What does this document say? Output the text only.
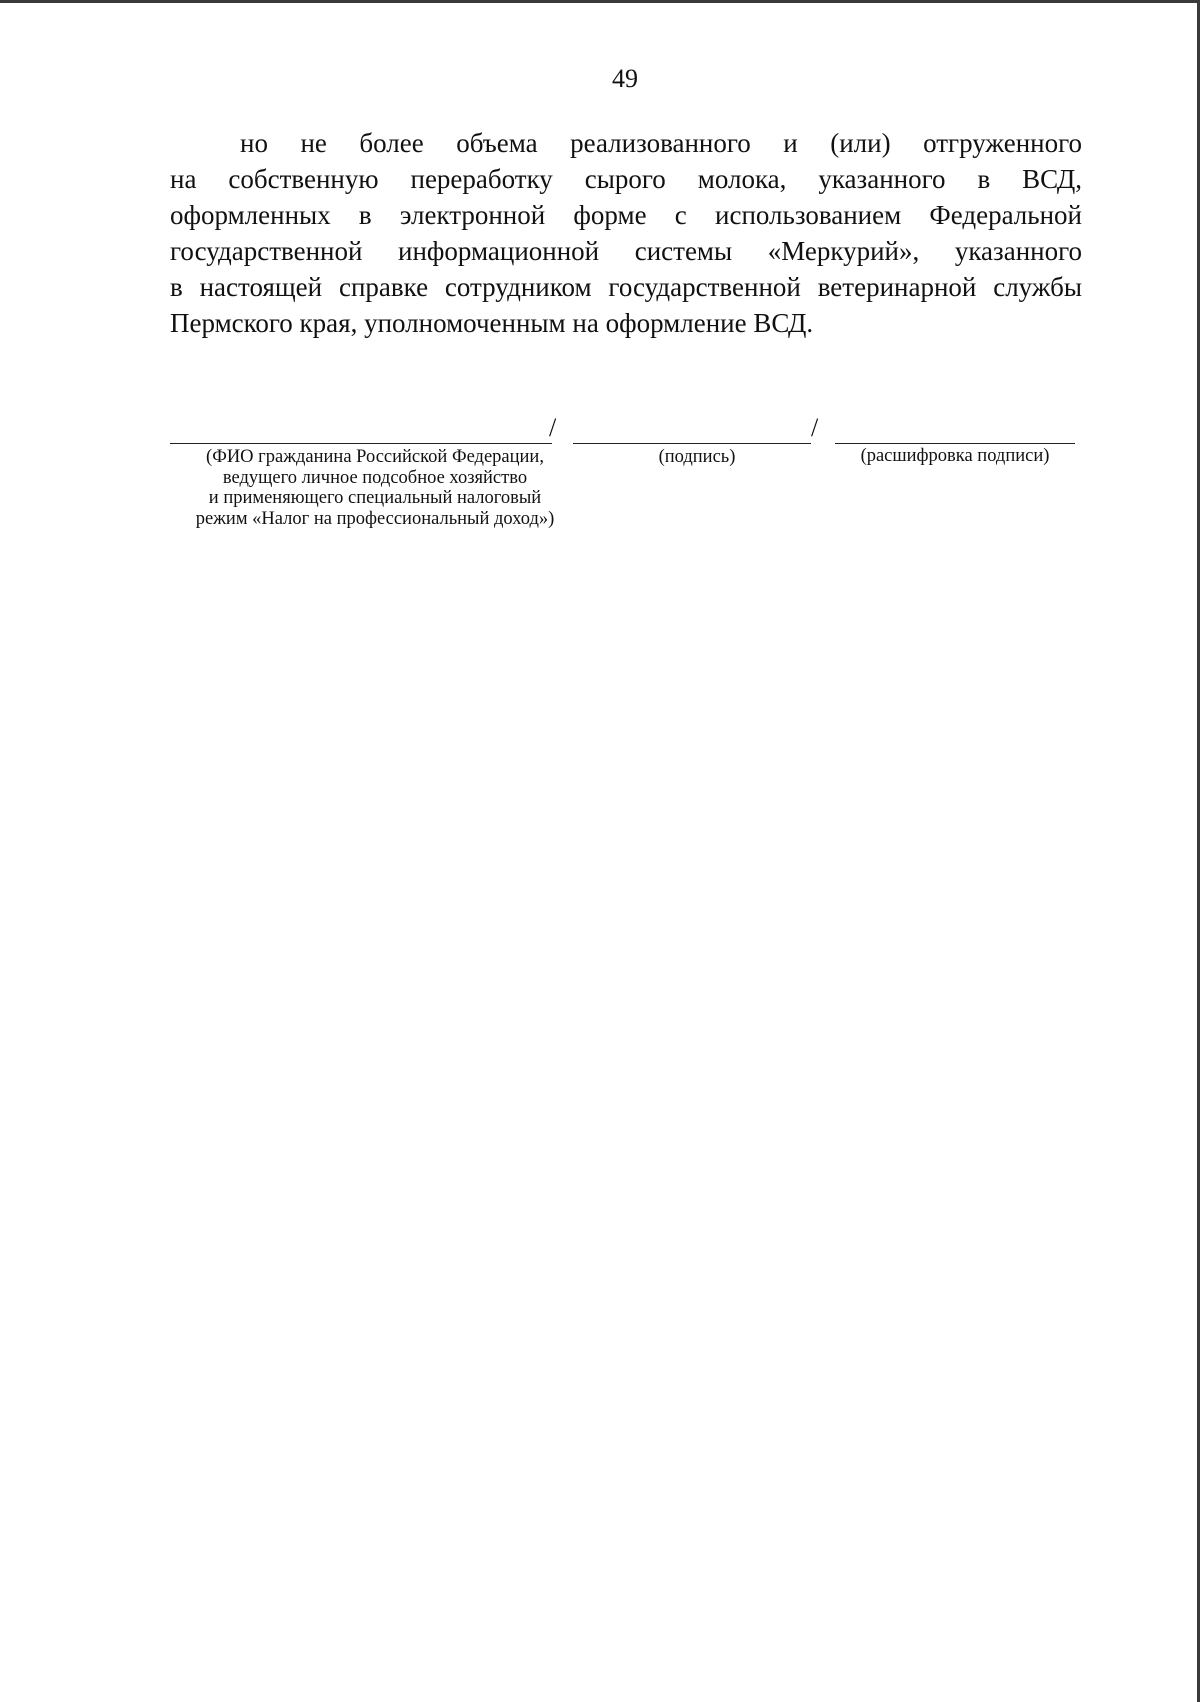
49
но не более объема реализованного и (или) отгруженного
на собственную переработку сырого молока, указанного в ВСД,
оформленных в электронной форме с использованием Федеральной
государственной информационной системы «Меркурий», указанного
в настоящей справке сотрудником государственной ветеринарной службы
Пермского края, уполномоченным на оформление ВСД.
/	/
(ФИО гражданина Российской Федерации,
ведущего личное подсобное хозяйство
и применяющего специальный налоговый
режим «Налог на профессиональный доход»)
(подпись)	(расшифровка подписи)
